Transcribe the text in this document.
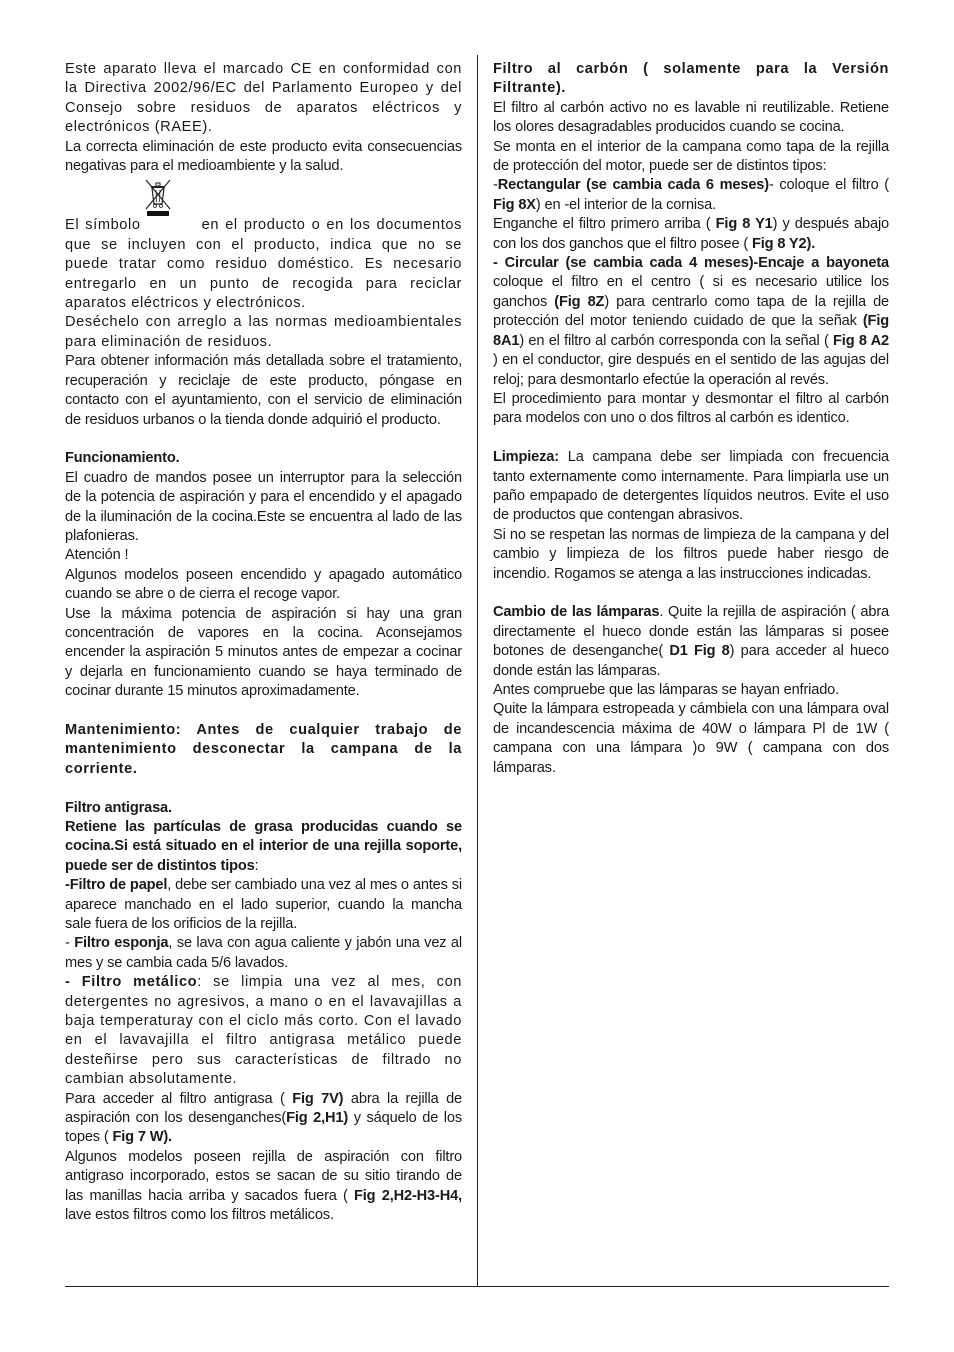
Este aparato lleva el marcado CE en conformidad con la Directiva 2002/96/EC del Parlamento Europeo y del Consejo sobre residuos de aparatos eléctricos y electrónicos (RAEE).

La correcta eliminación de este producto evita consecuencias negativas para el medioambiente y la salud.

El símbolo	en el producto o en los documentos que se incluyen con el producto, indica que no se puede tratar como residuo doméstico. Es necesario entregarlo en un punto de recogida para reciclar aparatos eléctricos y electrónicos.

Deséchelo con arreglo a las normas medioambientales para eliminación de residuos.

Para obtener información más detallada sobre el tratamiento, recuperación y reciclaje de este producto, póngase en contacto con el ayuntamiento, con el servicio de eliminación de residuos urbanos o la tienda donde adquirió el producto.

Funcionamiento.

El cuadro de mandos posee un interruptor para la selección de la potencia de aspiración y para el encendido y el apagado de la iluminación de la cocina.Este se encuentra al lado de las plafonieras.

Atención !

Algunos modelos poseen encendido y apagado automático cuando se abre o de cierra el recoge vapor.

Use la máxima potencia de aspiración si hay una gran concentración de vapores en la cocina. Aconsejamos encender la aspiración 5 minutos antes de empezar a cocinar y dejarla en funcionamiento cuando se haya terminado de cocinar durante 15 minutos aproximadamente.

Mantenimiento: Antes de cualquier trabajo de mantenimiento desconectar la campana de la corriente.

Filtro antigrasa.

Retiene las partículas de grasa producidas cuando se cocina.Si está situado en el interior de una rejilla soporte, puede ser de distintos tipos:

-Filtro de papel, debe ser cambiado una vez al mes o antes si aparece manchado en el lado superior, cuando la mancha sale fuera de los orificios de la rejilla.

- Filtro esponja, se lava con agua caliente y jabón una vez al mes y se cambia cada 5/6 lavados.

- Filtro metálico: se limpia una vez al mes, con detergentes no agresivos, a mano o en el lavavajillas a baja temperaturay con el ciclo más corto. Con el lavado en el lavavajilla el filtro antigrasa metálico puede desteñirse pero sus características de filtrado no cambian absolutamente.

Para acceder al filtro antigrasa ( Fig 7V) abra la rejilla de aspiración con los desenganches(Fig 2,H1) y sáquelo de los topes ( Fig 7 W).

Algunos modelos poseen rejilla de aspiración con filtro antigraso incorporado, estos se sacan de su sitio tirando de las manillas hacia arriba y sacados fuera ( Fig 2,H2-H3-H4, lave estos filtros como los filtros metálicos.

Filtro al carbón ( solamente para la Versión Filtrante).

El filtro al carbón activo no es lavable ni reutilizable. Retiene los olores desagradables producidos cuando se cocina.

Se monta en el interior de la campana como tapa de la rejilla de protección del motor, puede ser de distintos tipos:

-Rectangular (se cambia cada 6 meses)- coloque el filtro ( Fig 8X) en -el interior de la cornisa.

Enganche el filtro primero arriba ( Fig 8 Y1) y después abajo con los dos ganchos que el filtro posee ( Fig 8 Y2).

- Circular (se cambia cada 4 meses)-Encaje a bayoneta coloque el filtro en el centro ( si es necesario utilice los ganchos (Fig 8Z) para centrarlo como tapa de la rejilla de protección del motor teniendo cuidado de que la señak (Fig 8A1) en el filtro al carbón corresponda con la señal ( Fig 8 A2 ) en el conductor, gire después en el sentido de las agujas del reloj; para desmontarlo efectúe la operación al revés.

El procedimiento para montar y desmontar el filtro al carbón para modelos con uno o dos filtros al carbón es identico.

Limpieza: La campana debe ser limpiada con frecuencia tanto externamente como internamente. Para limpiarla use un paño empapado de detergentes líquidos neutros. Evite el uso de productos que contengan abrasivos.

Si no se respetan las normas de limpieza de la campana y del cambio y limpieza de los filtros puede haber riesgo de incendio. Rogamos se atenga a las instrucciones indicadas.

Cambio de las lámparas. Quite la rejilla de aspiración ( abra directamente el hueco donde están las lámparas si posee botones de desenganche( D1 Fig 8) para acceder al hueco donde están las lámparas.

Antes compruebe que las lámparas se hayan enfriado.

Quite la lámpara estropeada y cámbiela con una lámpara oval de incandescencia máxima de 40W o lámpara Pl de 1W ( campana con una lámpara )o 9W ( campana con dos lámparas.
